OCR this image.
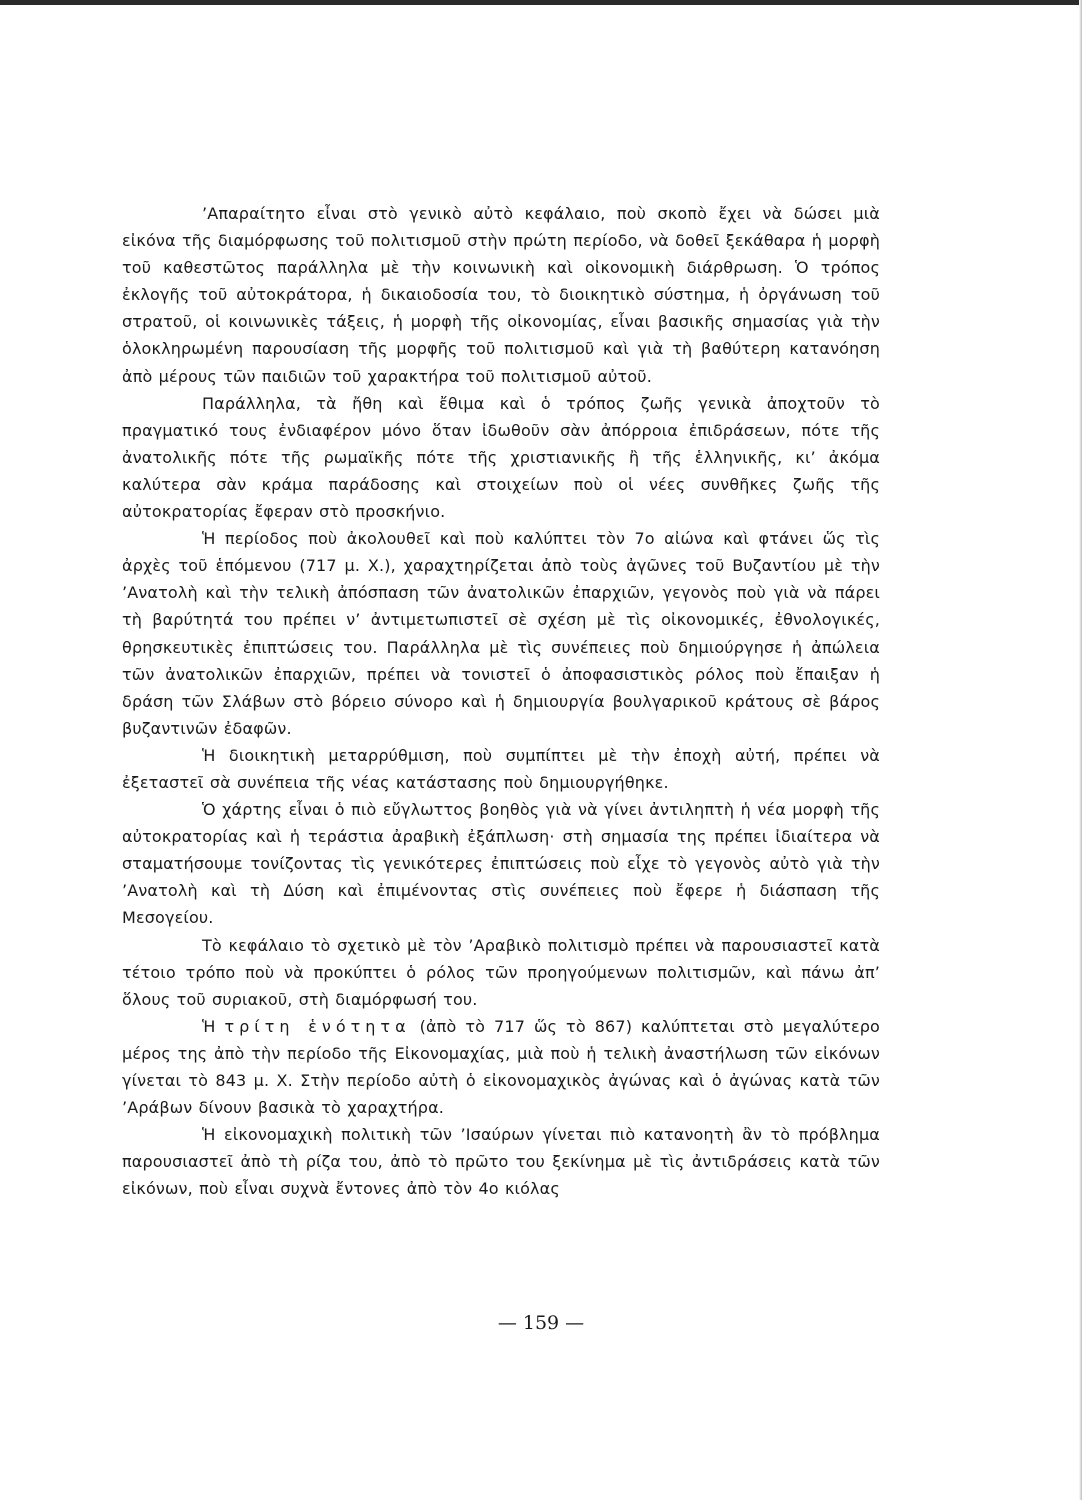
’Απαραίτητο εἶναι στὸ γενικὸ αὐτὸ κεφάλαιο, ποὺ σκοπὸ ἔχει νὰ δώσει μιὰ εἰκόνα τῆς διαμόρφωσης τοῦ πολιτισμοῦ στὴν πρώτη περίοδο, νὰ δοθεῖ ξεκάθαρα ἡ μορφὴ τοῦ καθεστῶτος παράλληλα μὲ τὴν κοινωνικὴ καὶ οἰκονομικὴ διάρθρωση. Ὁ τρόπος ἐκλογῆς τοῦ αὐτοκράτορα, ἡ δικαιοδοσία του, τὸ διοικητικὸ σύστημα, ἡ ὀργάνωση τοῦ στρατοῦ, οἱ κοινωνικὲς τάξεις, ἡ μορφὴ τῆς οἰκονομίας, εἶναι βασικῆς σημασίας γιὰ τὴν ὁλοκληρωμένη παρουσίαση τῆς μορφῆς τοῦ πολιτισμοῦ καὶ γιὰ τὴ βαθύτερη κατανόηση ἀπὸ μέρους τῶν παιδιῶν τοῦ χαρακτήρα τοῦ πολιτισμοῦ αὐτοῦ.

Παράλληλα, τὰ ἤθη καὶ ἔθιμα καὶ ὁ τρόπος ζωῆς γενικὰ ἀποχτοῦν τὸ πραγματικό τους ἐνδιαφέρον μόνο ὅταν ἰδωθοῦν σὰν ἀπόρροια ἐπιδράσεων, πότε τῆς ἀνατολικῆς πότε τῆς ρωμαϊκῆς πότε τῆς χριστιανικῆς ἢ τῆς ἑλληνικῆς, κι’ ἀκόμα καλύτερα σὰν κράμα παράδοσης καὶ στοιχείων ποὺ οἱ νέες συνθῆκες ζωῆς τῆς αὐτοκρατορίας ἔφεραν στὸ προσκήνιο.

Ἡ περίοδος ποὺ ἀκολουθεῖ καὶ ποὺ καλύπτει τὸν 7ο αἰώνα καὶ φτάνει ὥς τὶς ἀρχὲς τοῦ ἑπόμενου (717 μ. Χ.), χαραχτηρίζεται ἀπὸ τοὺς ἀγῶνες τοῦ Βυζαντίου μὲ τὴν ’Ανατολὴ καὶ τὴν τελικὴ ἀπόσπαση τῶν ἀνατολικῶν ἐπαρχιῶν, γεγονὸς ποὺ γιὰ νὰ πάρει τὴ βαρύτητά του πρέπει ν’ ἀντιμετωπιστεῖ σὲ σχέση μὲ τὶς οἰκονομικές, ἐθνολογικές, θρησκευτικὲς ἐπιπτώσεις του. Παράλληλα μὲ τὶς συνέπειες ποὺ δημιούργησε ἡ ἀπώλεια τῶν ἀνατολικῶν ἐπαρχιῶν, πρέπει νὰ τονιστεῖ ὁ ἀποφασιστικὸς ρόλος ποὺ ἔπαιξαν ἡ δράση τῶν Σλάβων στὸ βόρειο σύνορο καὶ ἡ δημιουργία βουλγαρικοῦ κράτους σὲ βάρος βυζαντινῶν ἐδαφῶν.

Ἡ διοικητικὴ μεταρρύθμιση, ποὺ συμπίπτει μὲ τὴν ἐποχὴ αὐτή, πρέπει νὰ ἐξεταστεῖ σὰ συνέπεια τῆς νέας κατάστασης ποὺ δημιουργήθηκε.

Ὁ χάρτης εἶναι ὁ πιὸ εὔγλωττος βοηθὸς γιὰ νὰ γίνει ἀντιληπτὴ ἡ νέα μορφὴ τῆς αὐτοκρατορίας καὶ ἡ τεράστια ἀραβικὴ ἐξάπλωση· στὴ σημασία της πρέπει ἰδιαίτερα νὰ σταματήσουμε τονίζοντας τὶς γενικότερες ἐπιπτώσεις ποὺ εἶχε τὸ γεγονὸς αὐτὸ γιὰ τὴν ’Ανατολὴ καὶ τὴ Δύση καὶ ἐπιμένοντας στὶς συνέπειες ποὺ ἔφερε ἡ διάσπαση τῆς Μεσογείου.

Τὸ κεφάλαιο τὸ σχετικὸ μὲ τὸν ’Αραβικὸ πολιτισμὸ πρέπει νὰ παρουσιαστεῖ κατὰ τέτοιο τρόπο ποὺ νὰ προκύπτει ὁ ρόλος τῶν προηγούμενων πολιτισμῶν, καὶ πάνω ἀπ’ ὅλους τοῦ συριακοῦ, στὴ διαμόρφωσή του.

Ἡ τρίτη ἑνότητα (ἀπὸ τὸ 717 ὥς τὸ 867) καλύπτεται στὸ μεγαλύτερο μέρος της ἀπὸ τὴν περίοδο τῆς Εἰκονομαχίας, μιὰ ποὺ ἡ τελικὴ ἀναστήλωση τῶν εἰκόνων γίνεται τὸ 843 μ. Χ. Στὴν περίοδο αὐτὴ ὁ εἰκονομαχικὸς ἀγώνας καὶ ὁ ἀγώνας κατὰ τῶν ’Αράβων δίνουν βασικὰ τὸ χαραχτήρα.

Ἡ εἰκονομαχικὴ πολιτικὴ τῶν ’Ισαύρων γίνεται πιὸ κατανοητὴ ἂν τὸ πρόβλημα παρουσιαστεῖ ἀπὸ τὴ ρίζα του, ἀπὸ τὸ πρῶτο του ξεκίνημα μὲ τὶς ἀντιδράσεις κατὰ τῶν εἰκόνων, ποὺ εἶναι συχνὰ ἔντονες ἀπὸ τὸν 4ο κιόλας

— 159 —
